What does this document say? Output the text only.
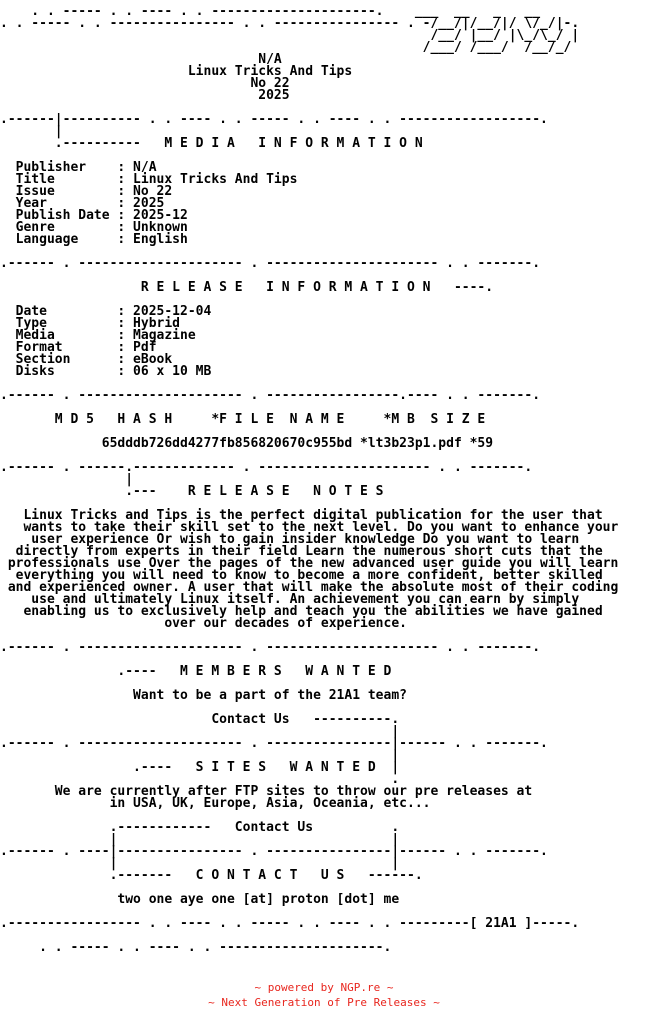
. . ----- . . ---- . . ---------------------.    ___  __   _   __
. . ----- . . ---------------- . . ---------------- . -/__/|/__/|/ \/_/|-.
/__/ |__/ |\_/\_/ |
/___/ /___/  /__/_/
N/A
Linux Tricks And Tips
No 22
2025
.------|---------- . . ---- . . ----- . . ---- . . ------------------.
|
.----------   M E D I A   I N F O R M A T I O N
Publisher    : N/A
Title        : Linux Tricks And Tips
Issue        : No 22
Year         : 2025
Publish Date : 2025-12
Genre        : Unknown
Language     : English
.------ . --------------------- . ---------------------- . . -------.
R E L E A S E   I N F O R M A T I O N   ----.
Date         : 2025-12-04
Type         : Hybrid
Media        : Magazine
Format       : Pdf
Section      : eBook
Disks        : 06 x 10 MB
.------ . --------------------- . -----------------.---- . . -------.
M D 5   H A S H     *F I L E  N A M E     *M B  S I Z E
65dddb726dd4277fb856820670c955bd *lt3b23p1.pdf *59
.------ . ------.------------- . ---------------------- . . -------.
|
.---    R E L E A S E   N O T E S
Linux Tricks and Tips is the perfect digital publication for the user that
wants to take their skill set to the next level. Do you want to enhance your
user experience Or wish to gain insider knowledge Do you want to learn
directly from experts in their field Learn the numerous short cuts that the
professionals use Over the pages of the new advanced user guide you will learn
everything you will need to know to become a more confident, better skilled
and experienced owner. A user that will make the absolute most of their coding
use and ultimately Linux itself. An achievement you can earn by simply
enabling us to exclusively help and teach you the abilities we have gained
over our decades of experience.
.------ . --------------------- . ---------------------- . . -------.
.----   M E M B E R S   W A N T E D
Want to be a part of the 21A1 team?
Contact Us   ----------.
|
.------ . --------------------- . ----------------|------ . . -------.
|
.----   S I T E S   W A N T E D  |
.
We are currently after FTP sites to throw our pre releases at
in USA, UK, Europe, Asia, Oceania, etc...
.------------   Contact Us          .
|                                   |
.------ . ----|---------------- . ----------------|------ . . -------.
|                                   |
.-------   C O N T A C T   U S   ------.
two one aye one [at] proton [dot] me
.----------------- . . ---- . . ----- . . ---- . . ---------[ 21A1 ]-----.
. . ----- . . ---- . . ---------------------.
~ powered by NGP.re ~
~ Next Generation of Pre Releases ~
